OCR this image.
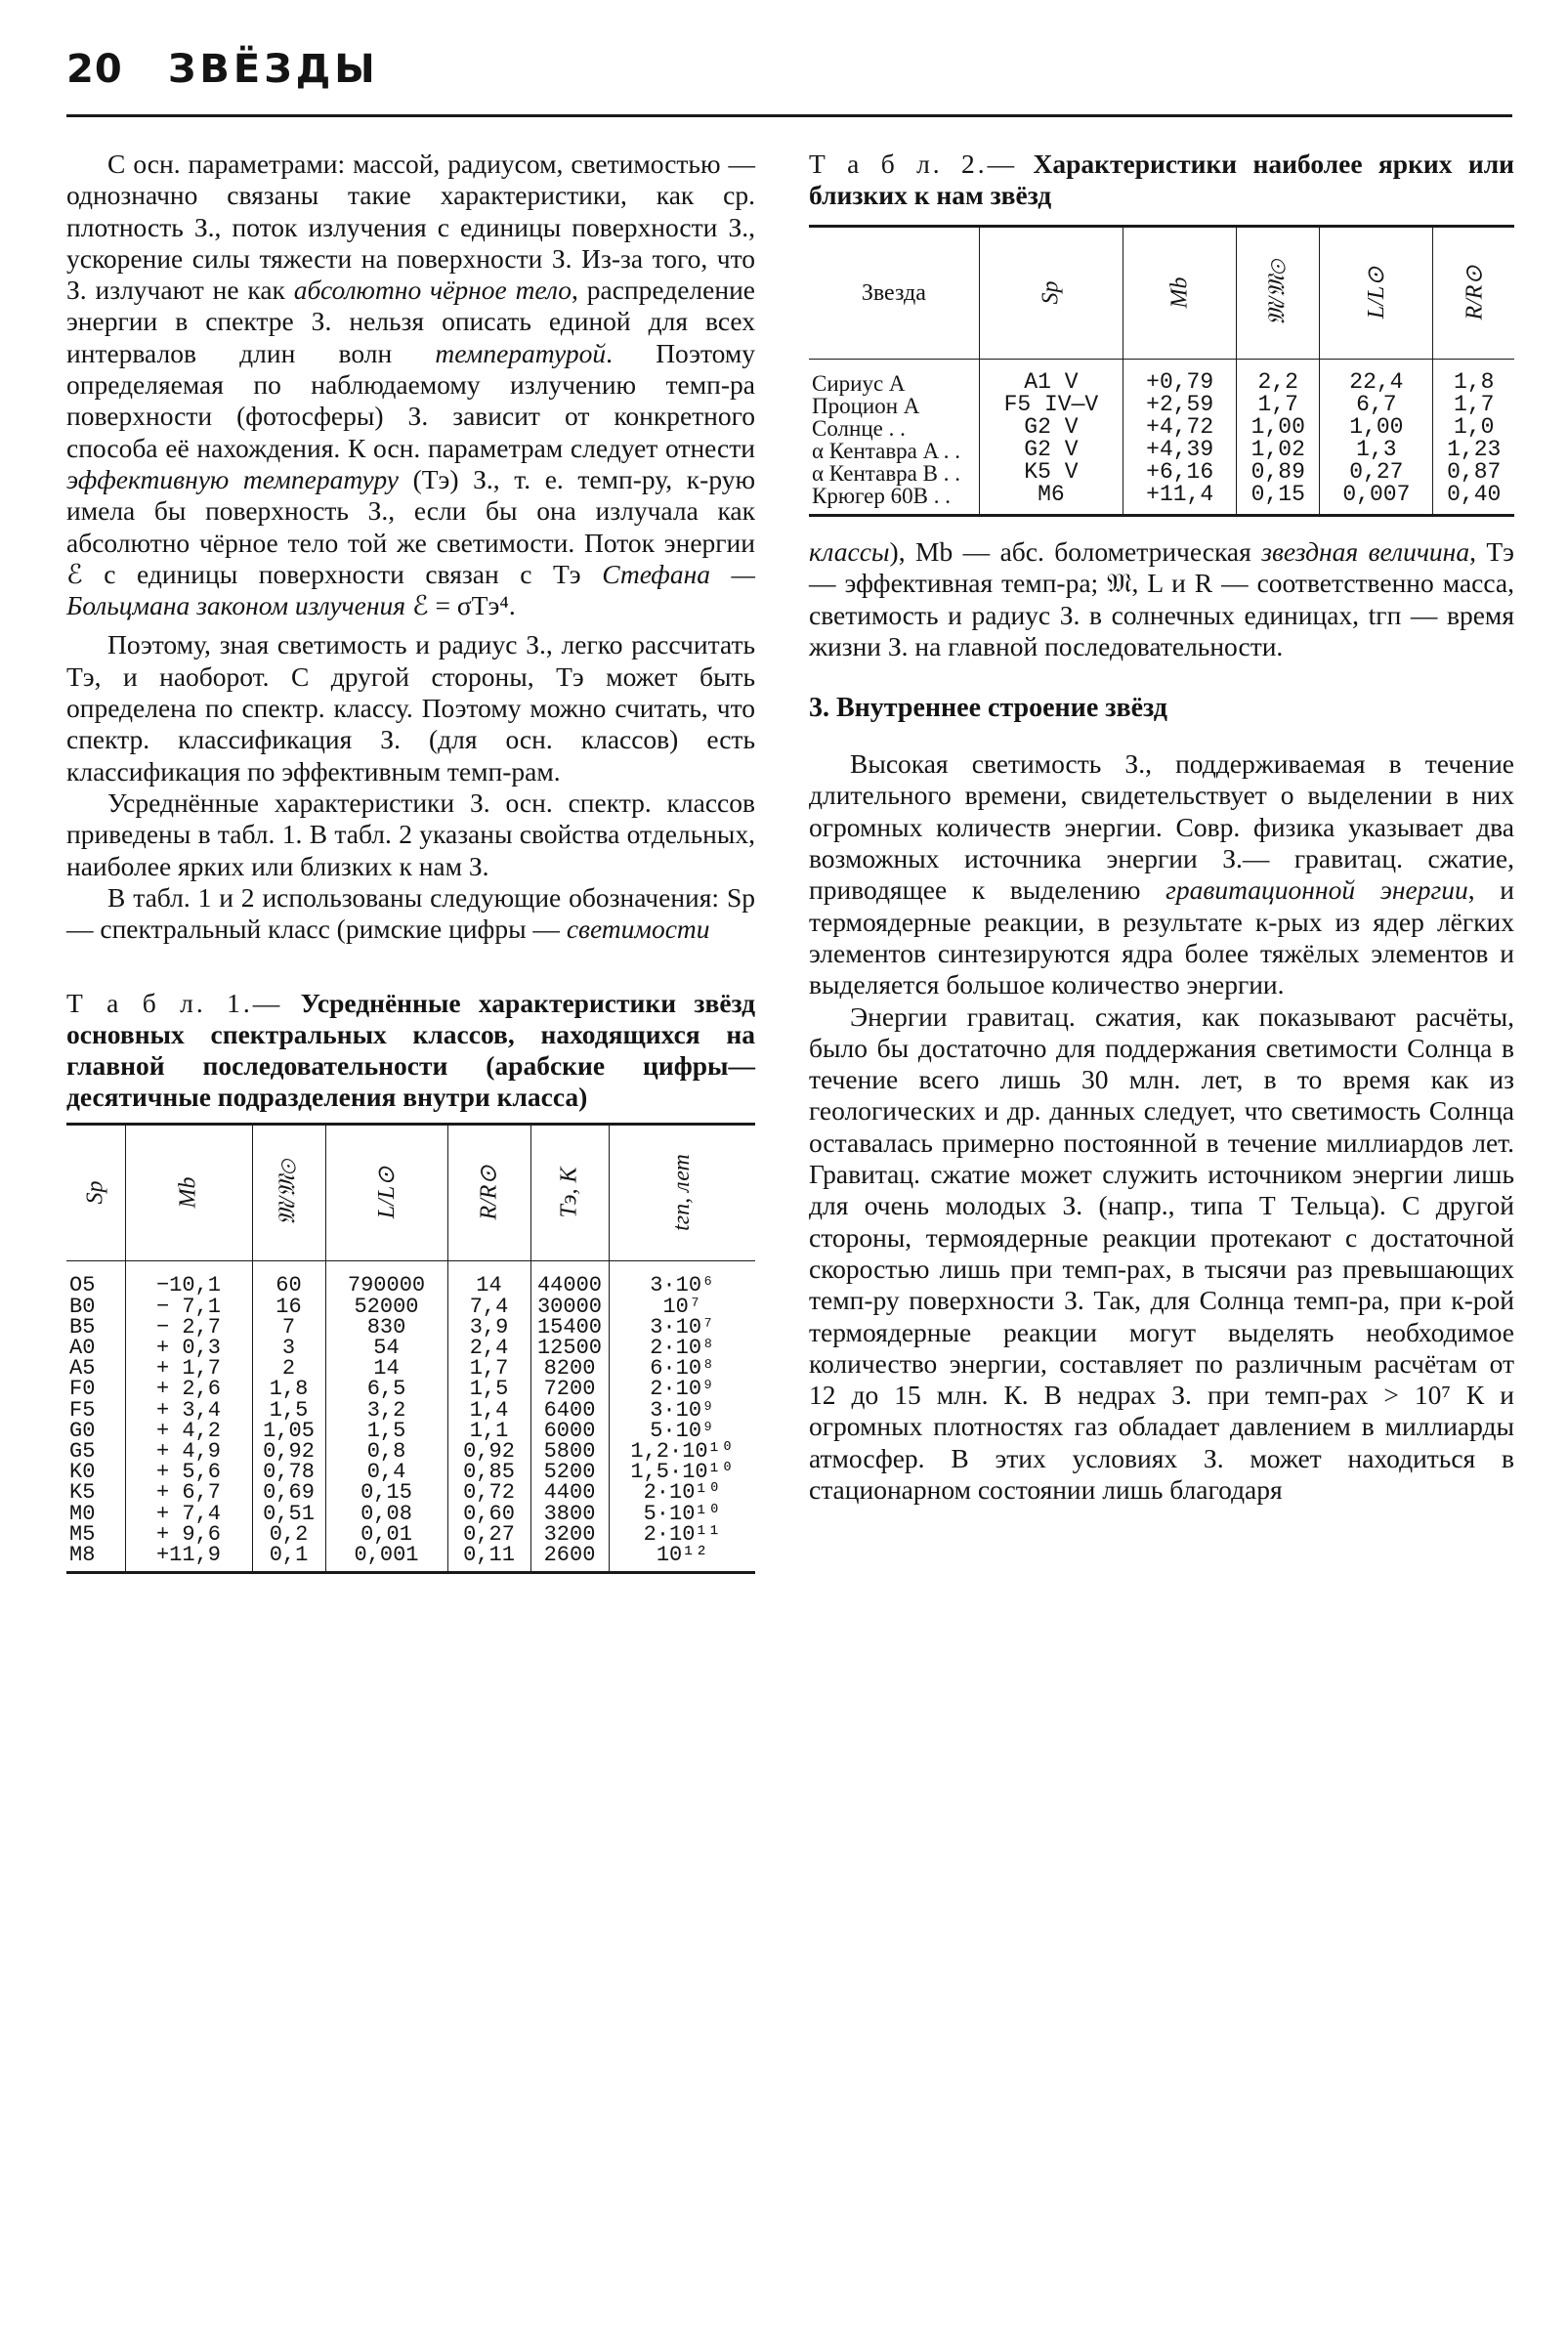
20 ЗВЁЗДЫ

С осн. параметрами: массой, радиусом, светимостью — однозначно связаны такие характеристики, как ср. плотность З., поток излучения с единицы поверхности З., ускорение силы тяжести на поверхности З. Из-за того, что З. излучают не как абсолютно чёрное тело, распределение энергии в спектре З. нельзя описать единой для всех интервалов длин волн температурой. Поэтому определяемая по наблюдаемому излучению темп-ра поверхности (фотосферы) З. зависит от конкретного способа её нахождения. К осн. параметрам следует отнести эффективную температуру (Tэ) З., т. е. темп-ру, к-рую имела бы поверхность З., если бы она излучала как абсолютно чёрное тело той же светимости. Поток энергии ℰ с единицы поверхности связан с Tэ Стефана — Больцмана законом излучения ℰ = σTэ⁴.

Поэтому, зная светимость и радиус З., легко рассчитать Tэ, и наоборот. С другой стороны, Tэ может быть определена по спектр. классу. Поэтому можно считать, что спектр. классификация З. (для осн. классов) есть классификация по эффективным темп-рам.

Усреднённые характеристики З. осн. спектр. классов приведены в табл. 1. В табл. 2 указаны свойства отдельных, наиболее ярких или близких к нам З.

В табл. 1 и 2 использованы следующие обозначения: Sp — спектральный класс (римские цифры — светимости

Т а б л. 1.— Усреднённые характеристики звёзд основных спектральных классов, находящихся на главной последовательности (арабские цифры—десятичные подразделения внутри класса)

Sp	Mb	𝔐/𝔐⊙	L/L⊙	R/R⊙	Tэ, K	tгп, лет
O5	−10,1	60	790000	14	44000	3·10⁶
B0	− 7,1	16	52000	7,4	30000	10⁷
B5	− 2,7	7	830	3,9	15400	3·10⁷
A0	+ 0,3	3	54	2,4	12500	2·10⁸
A5	+ 1,7	2	14	1,7	8200	6·10⁸
F0	+ 2,6	1,8	6,5	1,5	7200	2·10⁹
F5	+ 3,4	1,5	3,2	1,4	6400	3·10⁹
G0	+ 4,2	1,05	1,5	1,1	6000	5·10⁹
G5	+ 4,9	0,92	0,8	0,92	5800	1,2·10¹⁰
K0	+ 5,6	0,78	0,4	0,85	5200	1,5·10¹⁰
K5	+ 6,7	0,69	0,15	0,72	4400	2·10¹⁰
M0	+ 7,4	0,51	0,08	0,60	3800	5·10¹⁰
M5	+ 9,6	0,2	0,01	0,27	3200	2·10¹¹
M8	+11,9	0,1	0,001	0,11	2600	10¹²

Т а б л. 2.— Характеристики наиболее ярких или близких к нам звёзд

Звезда	Sp	Mb	𝔐/𝔐⊙	L/L⊙	R/R⊙

Сириус A	A1 V	+0,79	2,2	22,4	1,8

Процион A	F5 IV—V	+2,59	1,7	6,7	1,7

Солнце . .	G2 V	+4,72	1,00	1,00	1,0

α Кентавра A . .	G2 V	+4,39	1,02	1,3	1,23

α Кентавра B . .	K5 V	+6,16	0,89	0,27	0,87

Крюгер 60B . .	M6	+11,4	0,15	0,007	0,40

классы), Mb — абс. болометрическая звездная величина, Tэ — эффективная темп-ра; 𝔐, L и R — соответственно масса, светимость и радиус З. в солнечных единицах, tгп — время жизни З. на главной последовательности.

3. Внутреннее строение звёзд

Высокая светимость З., поддерживаемая в течение длительного времени, свидетельствует о выделении в них огромных количеств энергии. Совр. физика указывает два возможных источника энергии З.— гравитац. сжатие, приводящее к выделению гравитационной энергии, и термоядерные реакции, в результате к-рых из ядер лёгких элементов синтезируются ядра более тяжёлых элементов и выделяется большое количество энергии.

Энергии гравитац. сжатия, как показывают расчёты, было бы достаточно для поддержания светимости Солнца в течение всего лишь 30 млн. лет, в то время как из геологических и др. данных следует, что светимость Солнца оставалась примерно постоянной в течение миллиардов лет. Гравитац. сжатие может служить источником энергии лишь для очень молодых З. (напр., типа T Тельца). С другой стороны, термоядерные реакции протекают с достаточной скоростью лишь при темп-рах, в тысячи раз превышающих темп-ру поверхности З. Так, для Солнца темп-ра, при к-рой термоядерные реакции могут выделять необходимое количество энергии, составляет по различным расчётам от 12 до 15 млн. К. В недрах З. при темп-рах > 10⁷ К и огромных плотностях газ обладает давлением в миллиарды атмосфер. В этих условиях З. может находиться в стационарном состоянии лишь благодаря
